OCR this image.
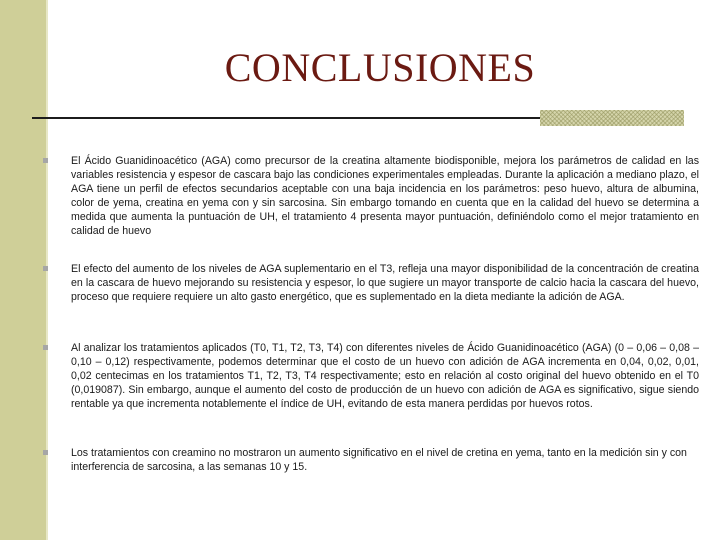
CONCLUSIONES
El Ácido Guanidinoacético (AGA) como precursor de la creatina altamente biodisponible, mejora los parámetros de calidad en las variables resistencia y espesor de cascara bajo las condiciones experimentales empleadas. Durante la aplicación a mediano plazo, el AGA tiene un perfil de efectos secundarios aceptable con una baja incidencia en los parámetros: peso huevo, altura de albumina, color de yema, creatina en yema con y sin sarcosina. Sin embargo tomando en cuenta que en la calidad del huevo se determina a medida que aumenta la puntuación de UH, el tratamiento 4 presenta mayor puntuación, definiéndolo como el mejor tratamiento en calidad de huevo
El efecto del aumento de los niveles de AGA suplementario en el T3, refleja una mayor disponibilidad de la concentración de creatina en la cascara de huevo mejorando su resistencia y espesor, lo que sugiere un mayor transporte de calcio hacia la cascara del huevo, proceso que requiere requiere un alto gasto energético, que es suplementado en la dieta mediante la adición de AGA.
Al analizar los tratamientos aplicados (T0, T1, T2, T3, T4) con diferentes niveles de Ácido Guanidinoacético (AGA) (0 – 0,06 – 0,08 – 0,10 – 0,12) respectivamente, podemos determinar que el costo de un huevo con adición de AGA incrementa en 0,04, 0,02, 0,01, 0,02 centecimas en los tratamientos T1, T2, T3, T4 respectivamente; esto en relación al costo original del huevo obtenido en el T0 (0,019087). Sin embargo, aunque el aumento del costo de producción de un huevo con adición de AGA es significativo, sigue siendo rentable ya que incrementa notablemente el índice de UH, evitando de esta manera perdidas por huevos rotos.
Los tratamientos con creamino no mostraron un aumento significativo en el nivel de cretina en yema, tanto en la medición sin y con interferencia de sarcosina, a las semanas 10 y 15.
